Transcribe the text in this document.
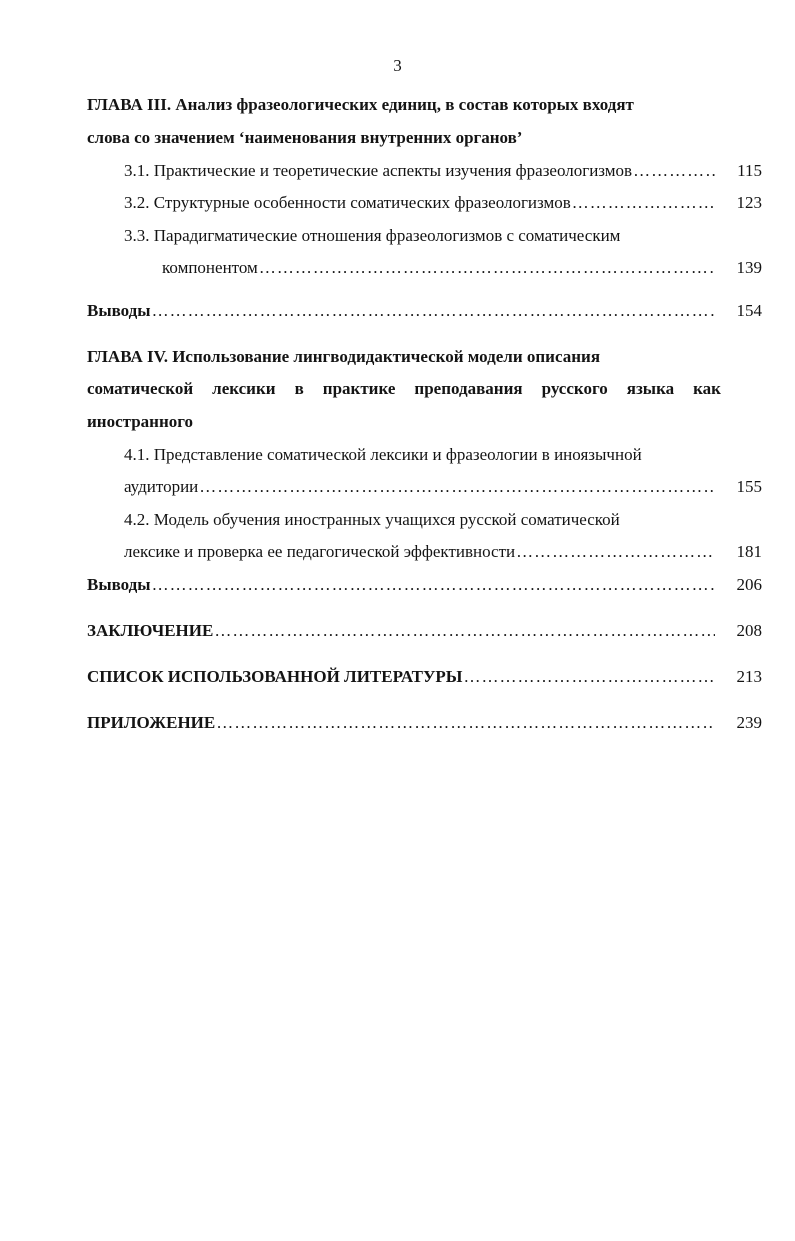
3
ГЛАВА III. Анализ фразеологических единиц, в состав которых входят
слова со значением ‘наименования внутренних органов’
3.1. Практические и теоретические аспекты изучения фразеологизмов ……………………………………………………………………………………………………………………………………………………………………………	115
3.2. Структурные особенности соматических фразеологизмов ……………………………………………………………………………………………………………………………………………………………………………	123
3.3. Парадигматические отношения фразеологизмов с соматическим
компонентом ……………………………………………………………………………………………………………………………………………………………………………	139
Выводы ……………………………………………………………………………………………………………………………………………………………………………	154
ГЛАВА IV. Использование лингводидактической модели описания
соматической лексики в практике преподавания русского языка как
иностранного
4.1. Представление соматической лексики и фразеологии в иноязычной
аудитории ……………………………………………………………………………………………………………………………………………………………………………	155
4.2. Модель обучения иностранных учащихся русской соматической
лексике и проверка ее педагогической эффективности ……………………………………………………………………………………………………………………………………………………………………………	181
Выводы ……………………………………………………………………………………………………………………………………………………………………………	206
ЗАКЛЮЧЕНИЕ ……………………………………………………………………………………………………………………………………………………………………………	208
СПИСОК ИСПОЛЬЗОВАННОЙ ЛИТЕРАТУРЫ ……………………………………………………………………………………………………………………………………………………………………………	213
ПРИЛОЖЕНИЕ ……………………………………………………………………………………………………………………………………………………………………………	239
